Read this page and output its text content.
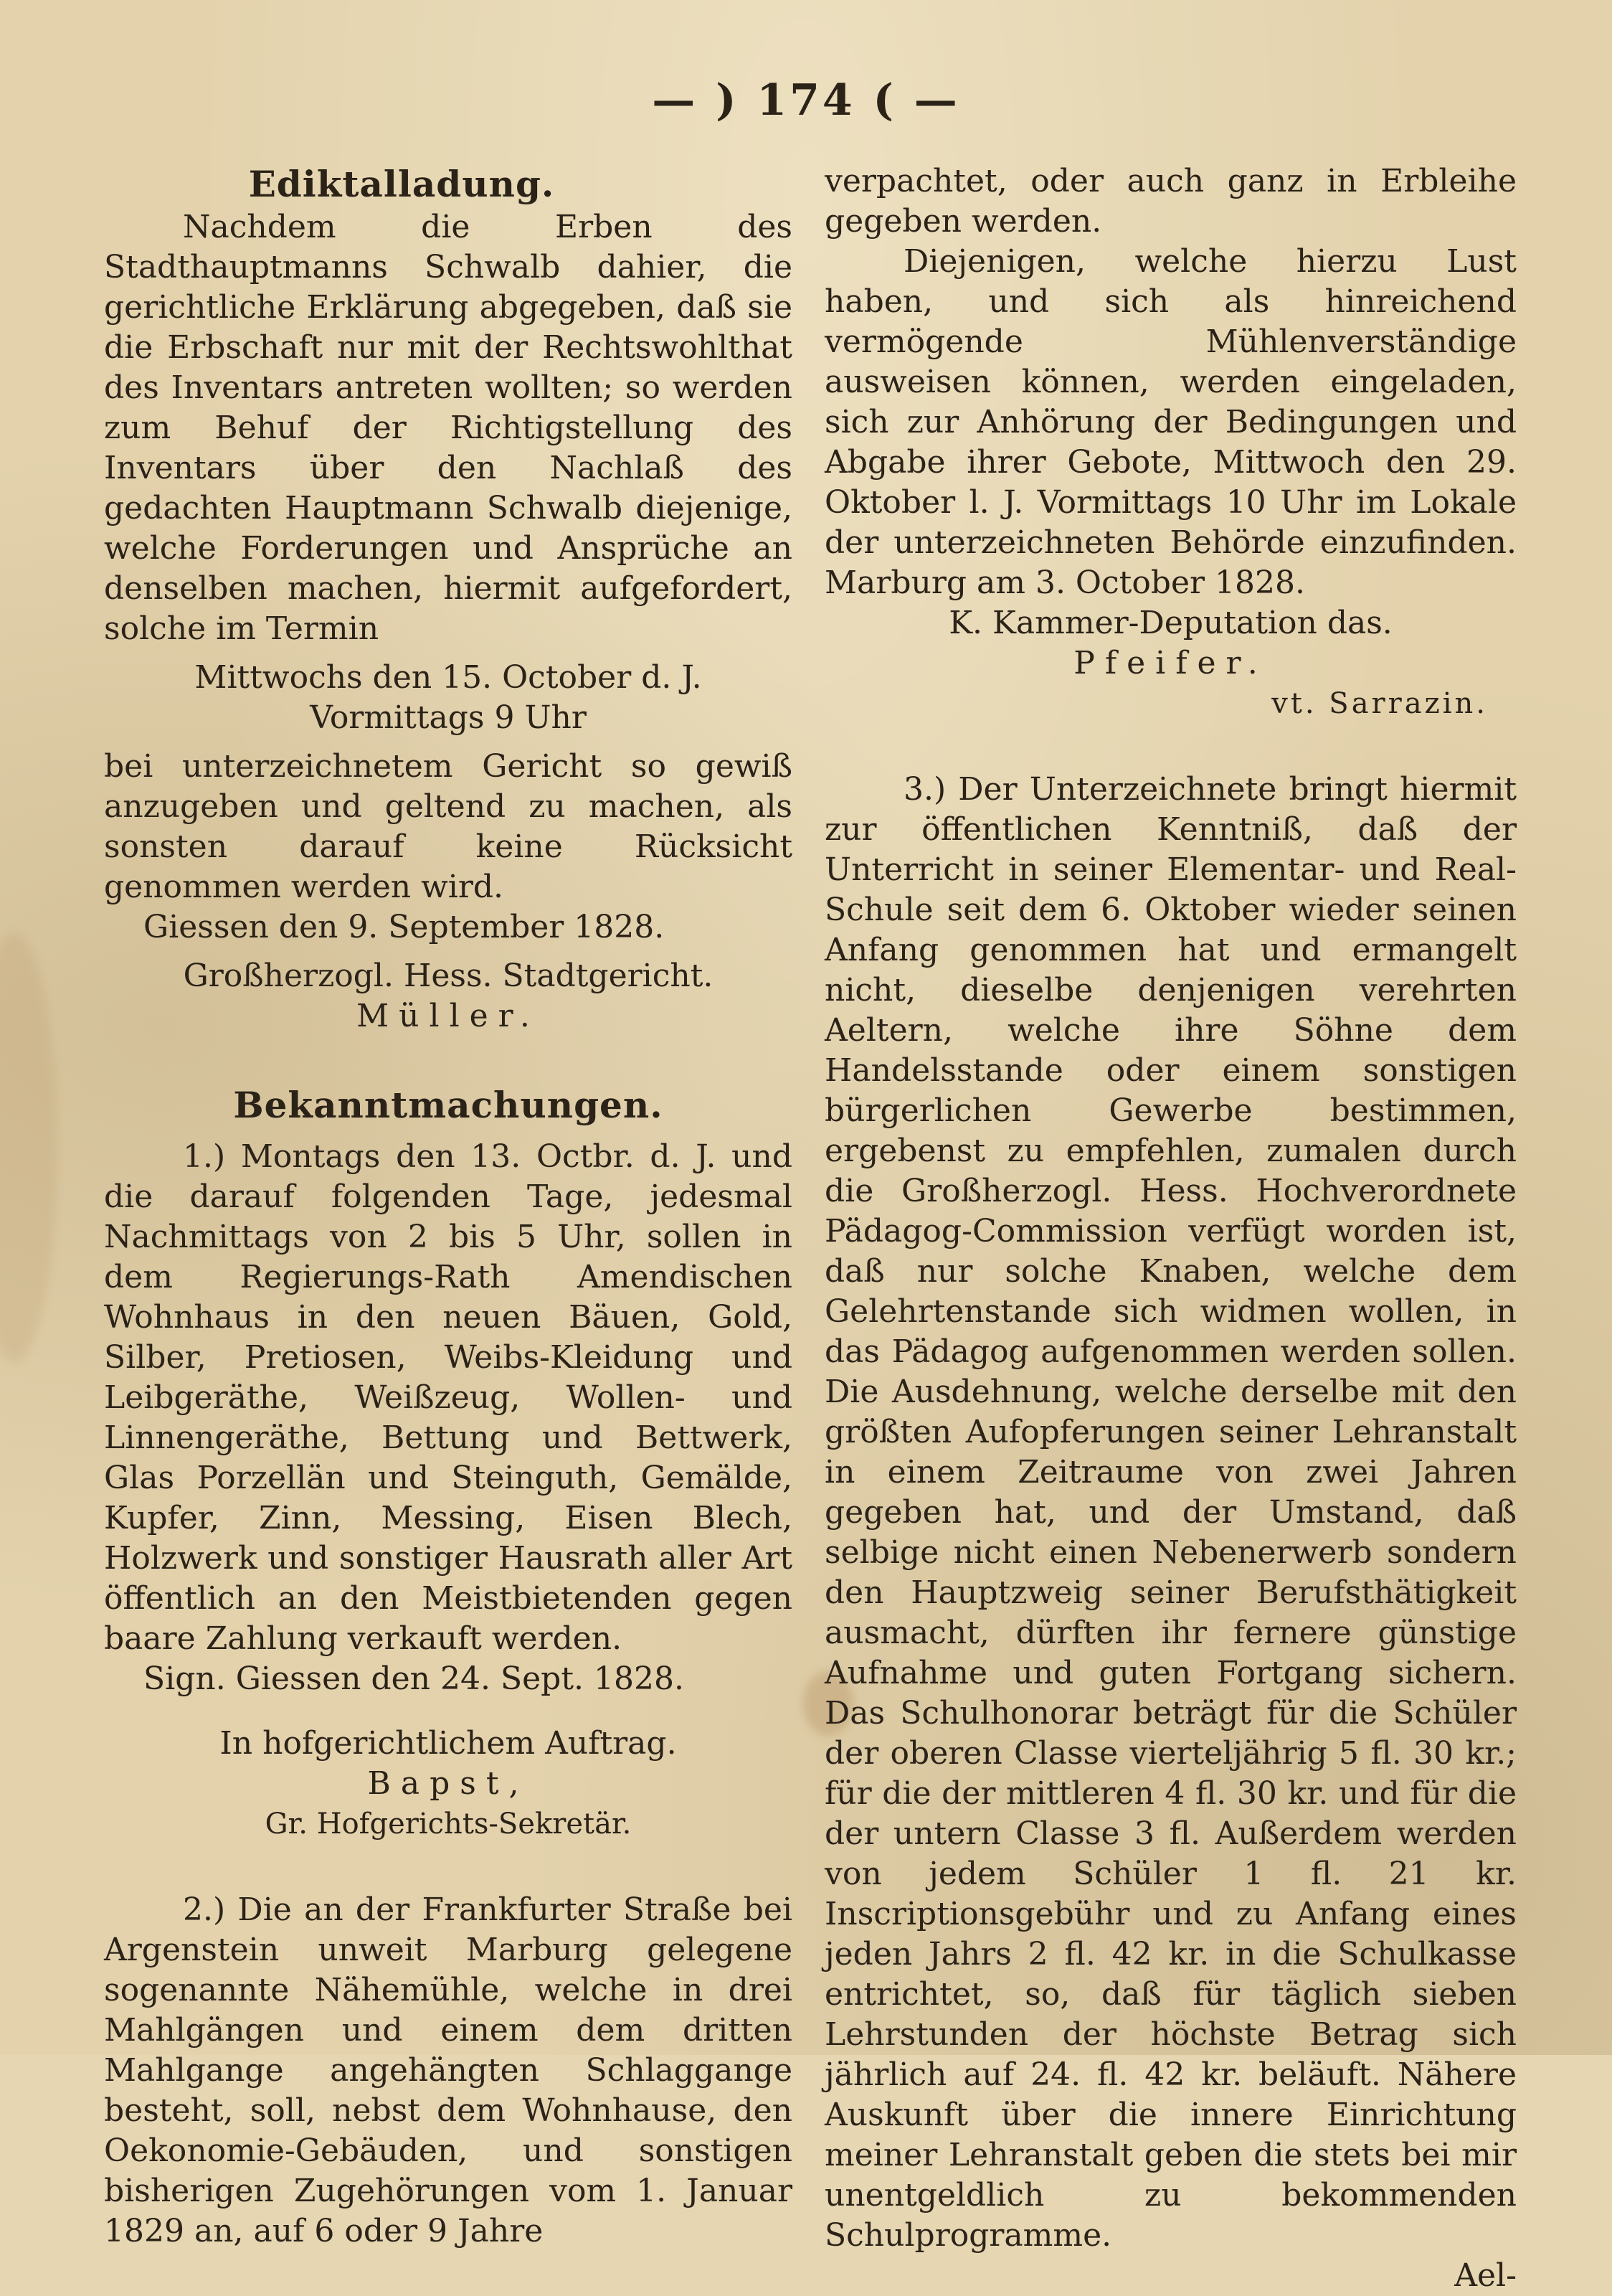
— ) 174 ( —

Ediktalladung.

Nachdem die Erben des Stadthauptmanns Schwalb dahier, die gerichtliche Erklärung abgegeben, daß sie die Erbschaft nur mit der Rechtswohlthat des Inventars antreten wollten; so werden zum Behuf der Richtigstellung des Inventars über den Nachlaß des gedachten Hauptmann Schwalb diejenige, welche Forderungen und Ansprüche an denselben machen, hiermit aufgefordert, solche im Termin

Mittwochs den 15. October d. J. Vormittags 9 Uhr

bei unterzeichnetem Gericht so gewiß anzugeben und geltend zu machen, als sonsten darauf keine Rücksicht genommen werden wird.

Giessen den 9. September 1828.

Großherzogl. Hess. Stadtgericht.

Müller.

Bekanntmachungen.

1.) Montags den 13. Octbr. d. J. und die darauf folgenden Tage, jedesmal Nachmittags von 2 bis 5 Uhr, sollen in dem Regierungs-Rath Amendischen Wohnhaus in den neuen Bäuen, Gold, Silber, Pretiosen, Weibs-Kleidung und Leibgeräthe, Weißzeug, Wollen- und Linnengeräthe, Bettung und Bettwerk, Glas Porzellän und Steinguth, Gemälde, Kupfer, Zinn, Messing, Eisen Blech, Holzwerk und sonstiger Hausrath aller Art öffentlich an den Meistbietenden gegen baare Zahlung verkauft werden.

Sign. Giessen den 24. Sept. 1828.

In hofgerichtlichem Auftrag.

Bapst,

Gr. Hofgerichts-Sekretär.

2.) Die an der Frankfurter Straße bei Argenstein unweit Marburg gelegene sogenannte Nähemühle, welche in drei Mahlgängen und einem dem dritten Mahlgange angehängten Schlaggange besteht, soll, nebst dem Wohnhause, den Oekonomie-Gebäuden, und sonstigen bisherigen Zugehörungen vom 1. Januar 1829 an, auf 6 oder 9 Jahre

verpachtet, oder auch ganz in Erbleihe gegeben werden.

Diejenigen, welche hierzu Lust haben, und sich als hinreichend vermögende Mühlenverständige ausweisen können, werden eingeladen, sich zur Anhörung der Bedingungen und Abgabe ihrer Gebote, Mittwoch den 29. Oktober l. J. Vormittags 10 Uhr im Lokale der unterzeichneten Behörde einzufinden. Marburg am 3. October 1828.

K. Kammer-Deputation das.

Pfeifer.

vt. Sarrazin.

3.) Der Unterzeichnete bringt hiermit zur öffentlichen Kenntniß, daß der Unterricht in seiner Elementar- und Real-Schule seit dem 6. Oktober wieder seinen Anfang genommen hat und ermangelt nicht, dieselbe denjenigen verehrten Aeltern, welche ihre Söhne dem Handelsstande oder einem sonstigen bürgerlichen Gewerbe bestimmen, ergebenst zu empfehlen, zumalen durch die Großherzogl. Hess. Hochverordnete Pädagog-Commission verfügt worden ist, daß nur solche Knaben, welche dem Gelehrtenstande sich widmen wollen, in das Pädagog aufgenommen werden sollen. Die Ausdehnung, welche derselbe mit den größten Aufopferungen seiner Lehranstalt in einem Zeitraume von zwei Jahren gegeben hat, und der Umstand, daß selbige nicht einen Nebenerwerb sondern den Hauptzweig seiner Berufsthätigkeit ausmacht, dürften ihr fernere günstige Aufnahme und guten Fortgang sichern. Das Schulhonorar beträgt für die Schüler der oberen Classe vierteljährig 5 fl. 30 kr.; für die der mittleren 4 fl. 30 kr. und für die der untern Classe 3 fl. Außerdem werden von jedem Schüler 1 fl. 21 kr. Inscriptionsgebühr und zu Anfang eines jeden Jahrs 2 fl. 42 kr. in die Schulkasse entrichtet, so, daß für täglich sieben Lehrstunden der höchste Betrag sich jährlich auf 24. fl. 42 kr. beläuft. Nähere Auskunft über die innere Einrichtung meiner Lehranstalt geben die stets bei mir unentgeldlich zu bekommenden Schulprogramme.

Ael-
